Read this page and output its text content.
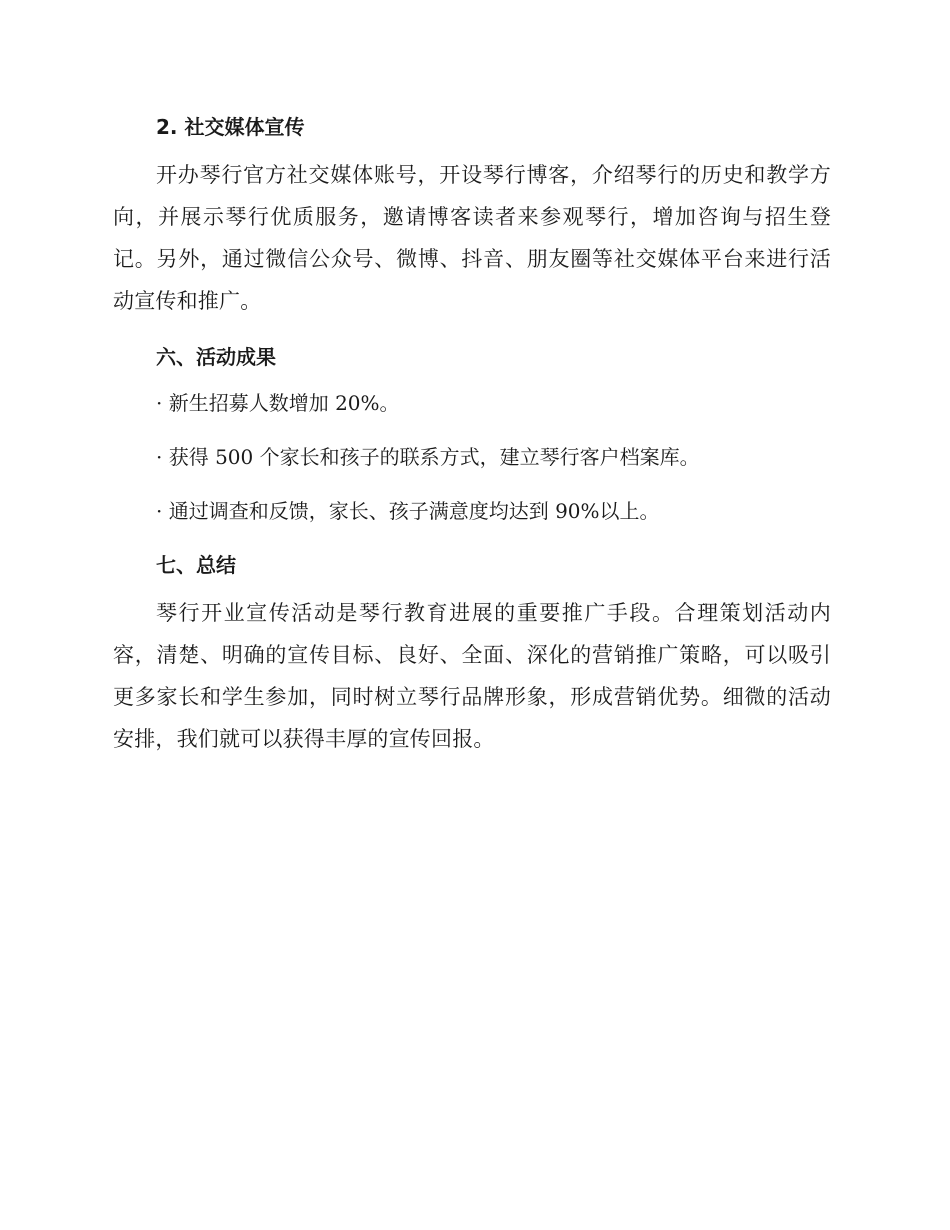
2. 社交媒体宣传

开办琴行官方社交媒体账号，开设琴行博客，介绍琴行的历史和教学方向，并展示琴行优质服务，邀请博客读者来参观琴行，增加咨询与招生登记。另外，通过微信公众号、微博、抖音、朋友圈等社交媒体平台来进行活动宣传和推广。

六、活动成果

· 新生招募人数增加 20%。

· 获得 500 个家长和孩子的联系方式，建立琴行客户档案库。

· 通过调查和反馈，家长、孩子满意度均达到 90%以上。

七、总结

琴行开业宣传活动是琴行教育进展的重要推广手段。合理策划活动内容，清楚、明确的宣传目标、良好、全面、深化的营销推广策略，可以吸引更多家长和学生参加，同时树立琴行品牌形象，形成营销优势。细微的活动安排，我们就可以获得丰厚的宣传回报。
